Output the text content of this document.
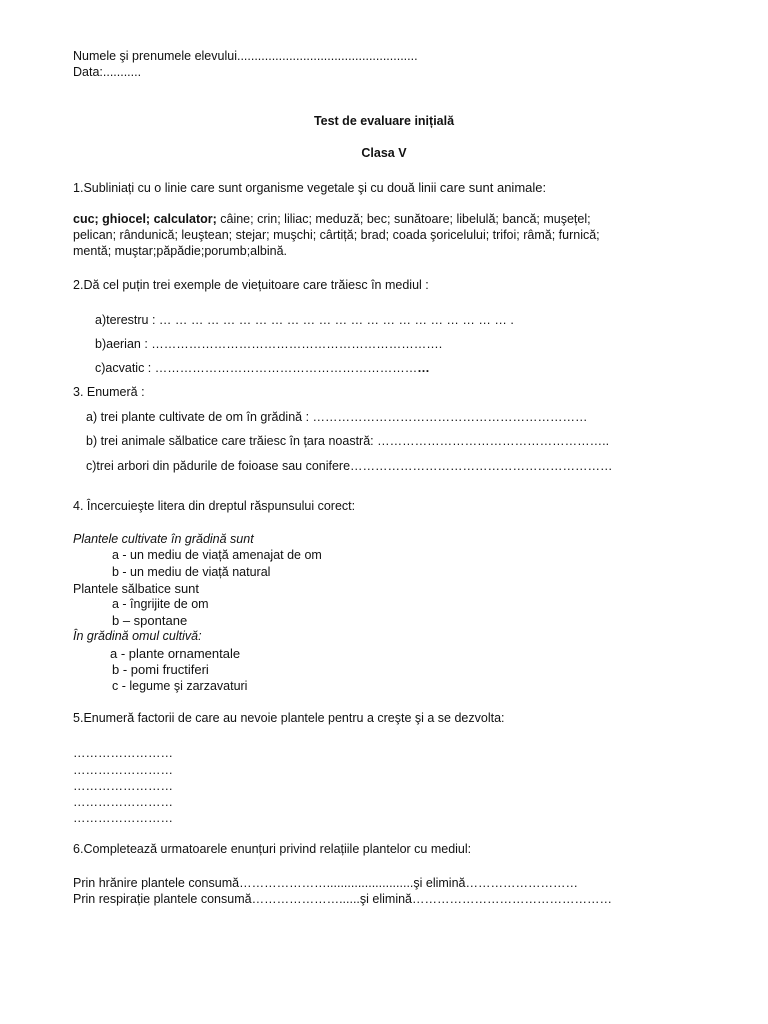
Numele şi prenumele elevului....................................................
Data:...........
Test de evaluare inițială
Clasa V
1.Subliniați cu o linie care sunt organisme vegetale şi cu două linii care sunt animale:
cuc; ghiocel; calculator; câine; crin; liliac; meduză; bec; sunătoare; libelulă; bancă; muşețel;
pelican; rândunică; leuştean; stejar; muşchi; cârtiță; brad; coada şoricelului; trifoi; râmă; furnică;
mentă; muştar;păpădie;porumb;albină.
2.Dă cel puțin trei exemple de viețuitoare care trăiesc în mediul :
a)terestru : … … … … … … … … … … … … … … … … … … … … … … .
b)aerian : …………………………………………………………….
c)acvatic : …………………………………………………………
3. Enumeră :
a) trei plante cultivate de om în grădină : …………………………………………………………
b) trei animale sălbatice care trăiesc în țara noastră: ………………………………………………..
c)trei arbori din pădurile de foioase sau conifere………………………………………………………
4. Încercuieşte litera din dreptul răspunsului corect:
Plantele cultivate în grădină sunt
a - un mediu de viață amenajat de om
b - un mediu de viață natural
Plantele sălbatice sunt
a - îngrijite de om
b – spontane
În grădină omul cultivă:
a - plante ornamentale
b - pomi fructiferi
c - legume şi zarzavaturi
5.Enumeră factorii de care au nevoie plantele pentru a creşte şi a se dezvolta:
……………………
……………………
……………………
……………………
……………………
6.Completează urmatoarele enunțuri privind relațiile plantelor cu mediul:
Prin hrănire plantele consumă………………….........................şi elimină………………………
Prin respirație plantele consumă…………………......şi elimină…………………………………………
